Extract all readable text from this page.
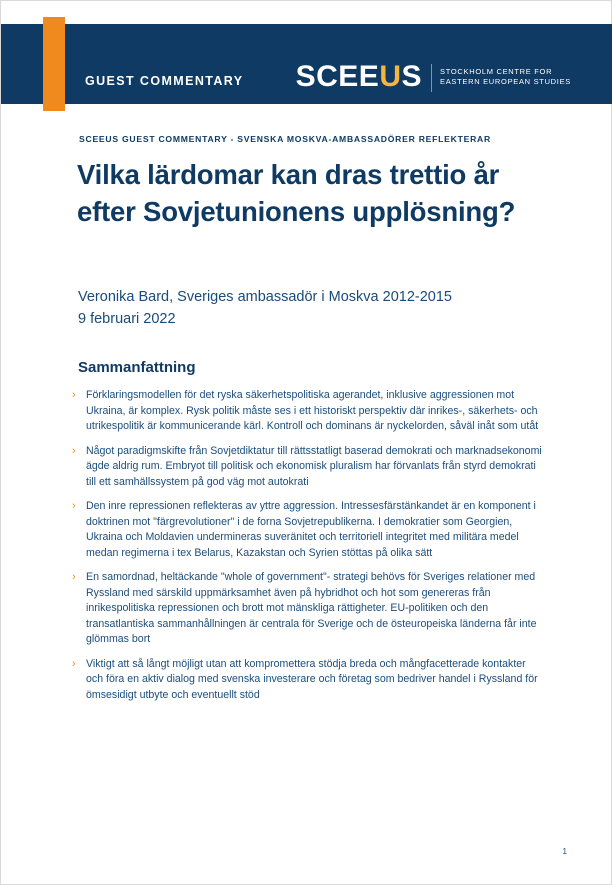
GUEST COMMENTARY SCEEUS STOCKHOLM CENTRE FOR
EASTERN EUROPEAN STUDIES
SCEEUS GUEST COMMENTARY - SVENSKA MOSKVA-AMBASSADÖRER REFLEKTERAR
Vilka lärdomar kan dras trettio år efter Sovjetunionens upplösning?
Veronika Bard, Sveriges ambassadör i Moskva 2012-2015
9 februari 2022
Sammanfattning
› Förklaringsmodellen för det ryska säkerhetspolitiska agerandet, inklusive aggressionen mot Ukraina, är komplex. Rysk politik måste ses i ett historiskt perspektiv där inrikes-, säkerhets- och utrikespolitik är kommunicerande kärl. Kontroll och dominans är nyckelorden, såväl inåt som utåt
› Något paradigmskifte från Sovjetdiktatur till rättsstatligt baserad demokrati och marknadsekonomi ägde aldrig rum. Embryot till politisk och ekonomisk pluralism har förvanlats från styrd demokrati till ett samhällssystem på god väg mot autokrati
› Den inre repressionen reflekteras av yttre aggression. Intressesfärstänkandet är en komponent i doktrinen mot "färgrevolutioner" i de forna Sovjetrepublikerna. I demokratier som Georgien, Ukraina och Moldavien undermineras suveränitet och territoriell integritet med militära medel medan regimerna i tex Belarus, Kazakstan och Syrien stöttas på olika sätt
› En samordnad, heltäckande "whole of government"- strategi behövs för Sveriges relationer med Ryssland med särskild uppmärksamhet även på hybridhot och hot som genereras från inrikespolitiska repressionen och brott mot mänskliga rättigheter. EU-politiken och den transatlantiska sammanhållningen är centrala för Sverige och de östeuropeiska länderna får inte glömmas bort
› Viktigt att så långt möjligt utan att kompromettera stödja breda och mångfacetterade kontakter och föra en aktiv dialog med svenska investerare och företag som bedriver handel i Ryssland för ömsesidigt utbyte och eventuellt stöd
1
